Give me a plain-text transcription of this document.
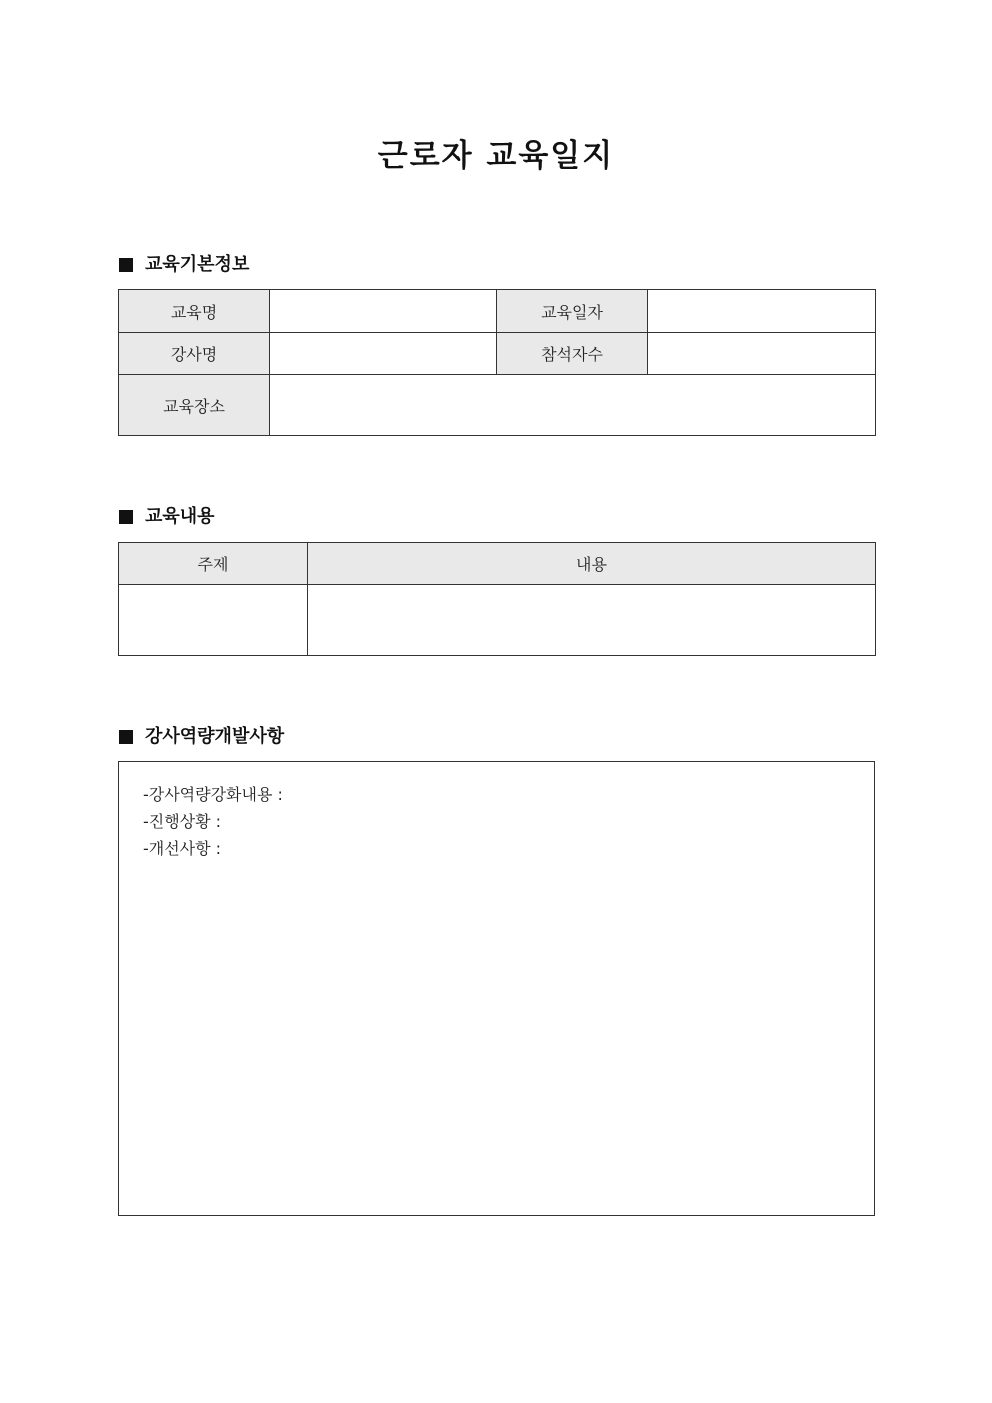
근로자 교육일지
교육기본정보
교육명		교육일자	
강사명		참석자수	
교육장소			
교육내용
주제	내용

강사역량개발사항
-강사역량강화내용 :
-진행상황 :
-개선사항 :
